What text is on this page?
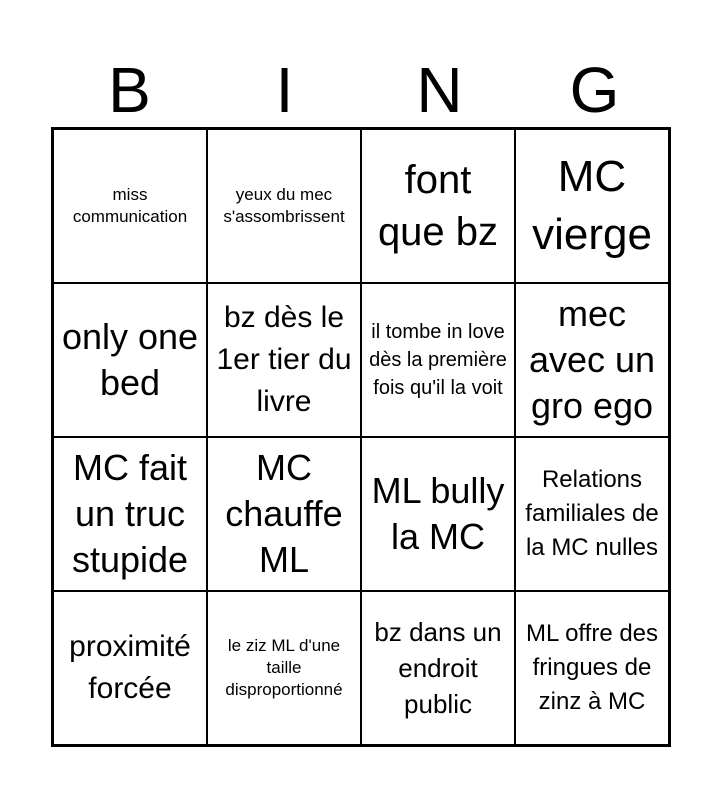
B	I	N	G
miss communication
yeux du mec s'assombrissent
font que bz
MC vierge
only one bed
bz dès le 1er tier du livre
il tombe in love dès la première fois qu'il la voit
mec avec un gro ego
MC fait un truc stupide
MC chauffe ML
ML bully la MC
Relations familiales de la MC nulles
proximité forcée
le ziz ML d'une taille disproportionné
bz dans un endroit public
ML offre des fringues de zinz à MC
